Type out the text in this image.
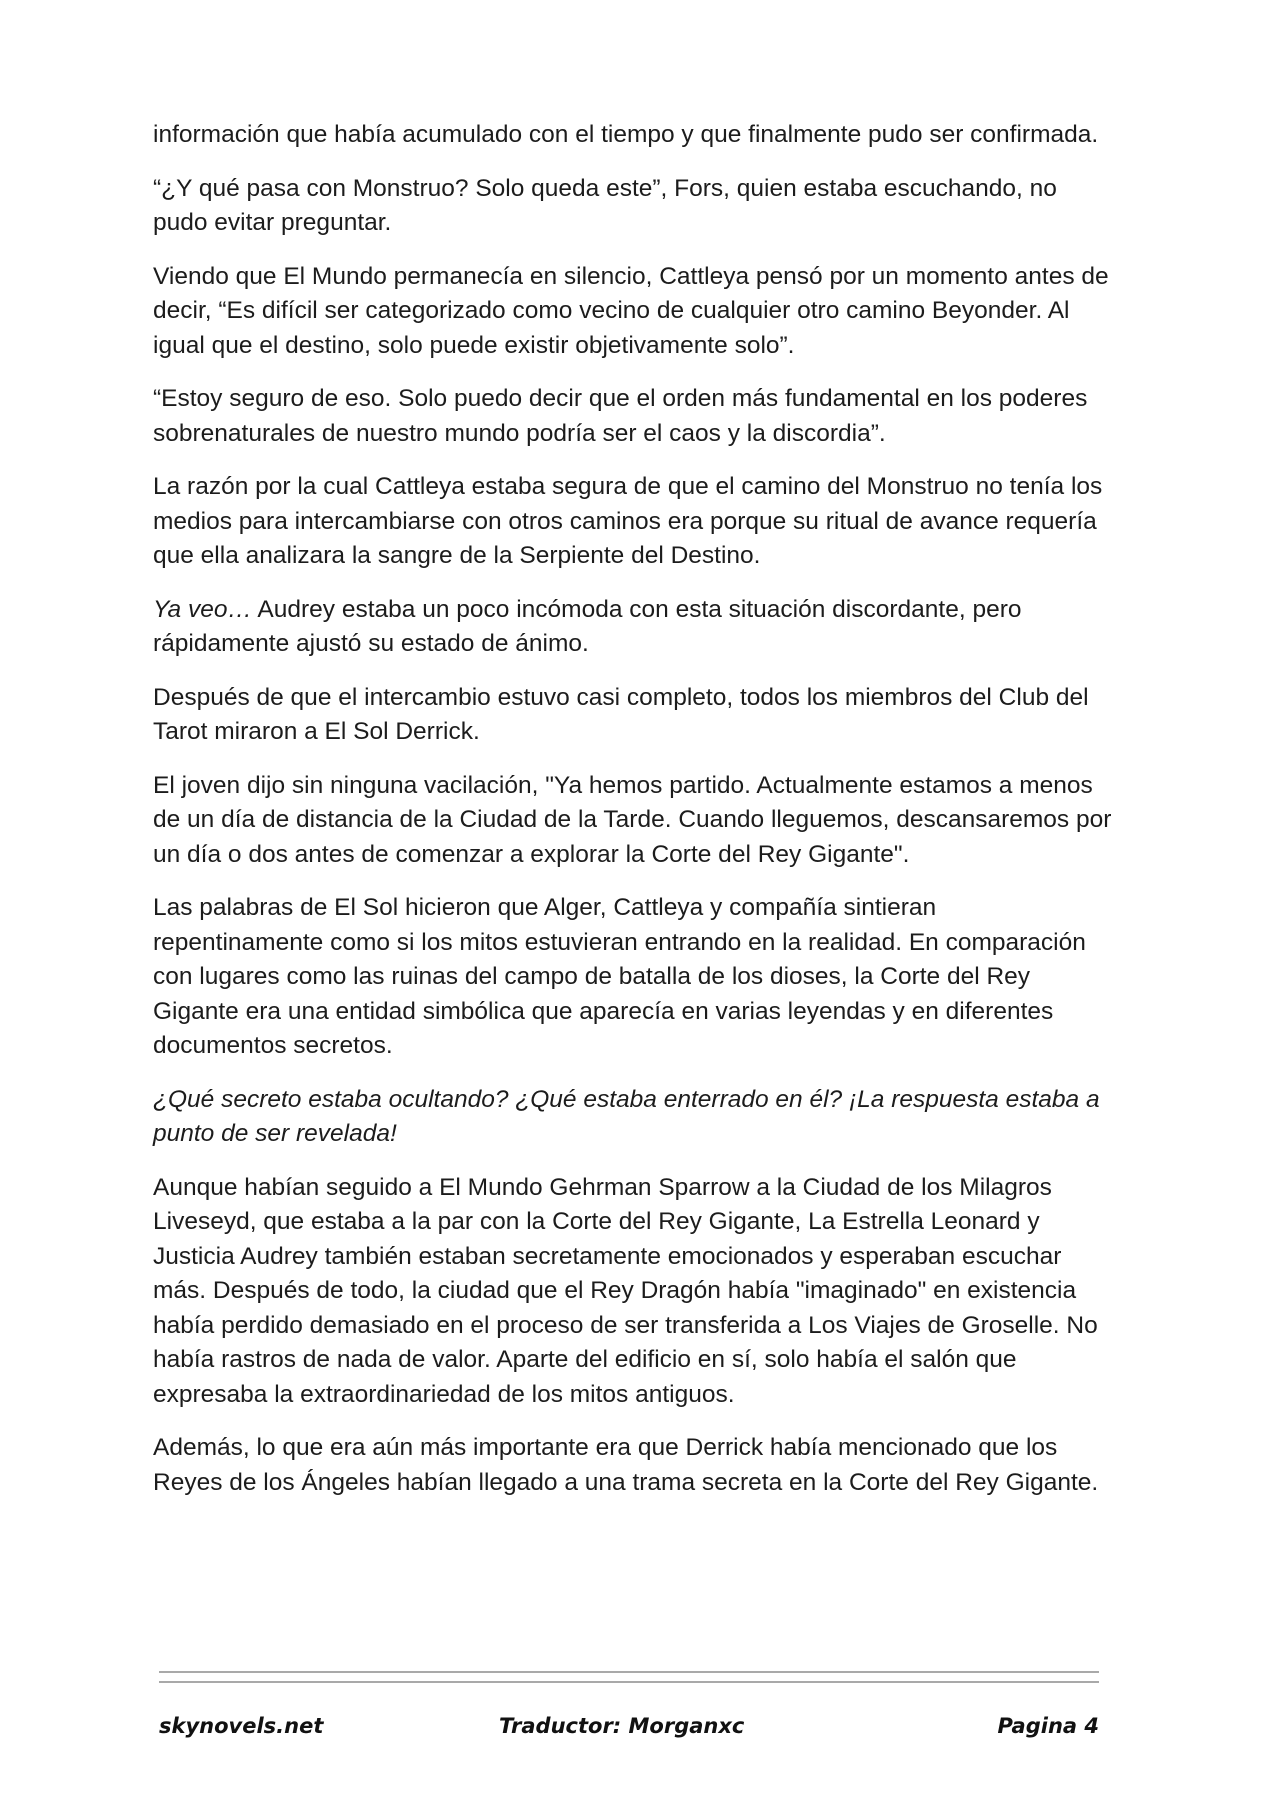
información que había acumulado con el tiempo y que finalmente pudo ser confirmada.

“¿Y qué pasa con Monstruo? Solo queda este”, Fors, quien estaba escuchando, no pudo evitar preguntar.

Viendo que El Mundo permanecía en silencio, Cattleya pensó por un momento antes de decir, “Es difícil ser categorizado como vecino de cualquier otro camino Beyonder. Al igual que el destino, solo puede existir objetivamente solo”.

“Estoy seguro de eso. Solo puedo decir que el orden más fundamental en los poderes sobrenaturales de nuestro mundo podría ser el caos y la discordia”.

La razón por la cual Cattleya estaba segura de que el camino del Monstruo no tenía los medios para intercambiarse con otros caminos era porque su ritual de avance requería que ella analizara la sangre de la Serpiente del Destino.

Ya veo… Audrey estaba un poco incómoda con esta situación discordante, pero rápidamente ajustó su estado de ánimo.

Después de que el intercambio estuvo casi completo, todos los miembros del Club del Tarot miraron a El Sol Derrick.

El joven dijo sin ninguna vacilación, "Ya hemos partido. Actualmente estamos a menos de un día de distancia de la Ciudad de la Tarde. Cuando lleguemos, descansaremos por un día o dos antes de comenzar a explorar la Corte del Rey Gigante".

Las palabras de El Sol hicieron que Alger, Cattleya y compañía sintieran repentinamente como si los mitos estuvieran entrando en la realidad. En comparación con lugares como las ruinas del campo de batalla de los dioses, la Corte del Rey Gigante era una entidad simbólica que aparecía en varias leyendas y en diferentes documentos secretos.

¿Qué secreto estaba ocultando? ¿Qué estaba enterrado en él? ¡La respuesta estaba a punto de ser revelada!

Aunque habían seguido a El Mundo Gehrman Sparrow a la Ciudad de los Milagros Liveseyd, que estaba a la par con la Corte del Rey Gigante, La Estrella Leonard y Justicia Audrey también estaban secretamente emocionados y esperaban escuchar más. Después de todo, la ciudad que el Rey Dragón había "imaginado" en existencia había perdido demasiado en el proceso de ser transferida a Los Viajes de Groselle. No había rastros de nada de valor. Aparte del edificio en sí, solo había el salón que expresaba la extraordinariedad de los mitos antiguos.

Además, lo que era aún más importante era que Derrick había mencionado que los Reyes de los Ángeles habían llegado a una trama secreta en la Corte del Rey Gigante.

skynovels.net	Traductor: Morganxc	Pagina 4
